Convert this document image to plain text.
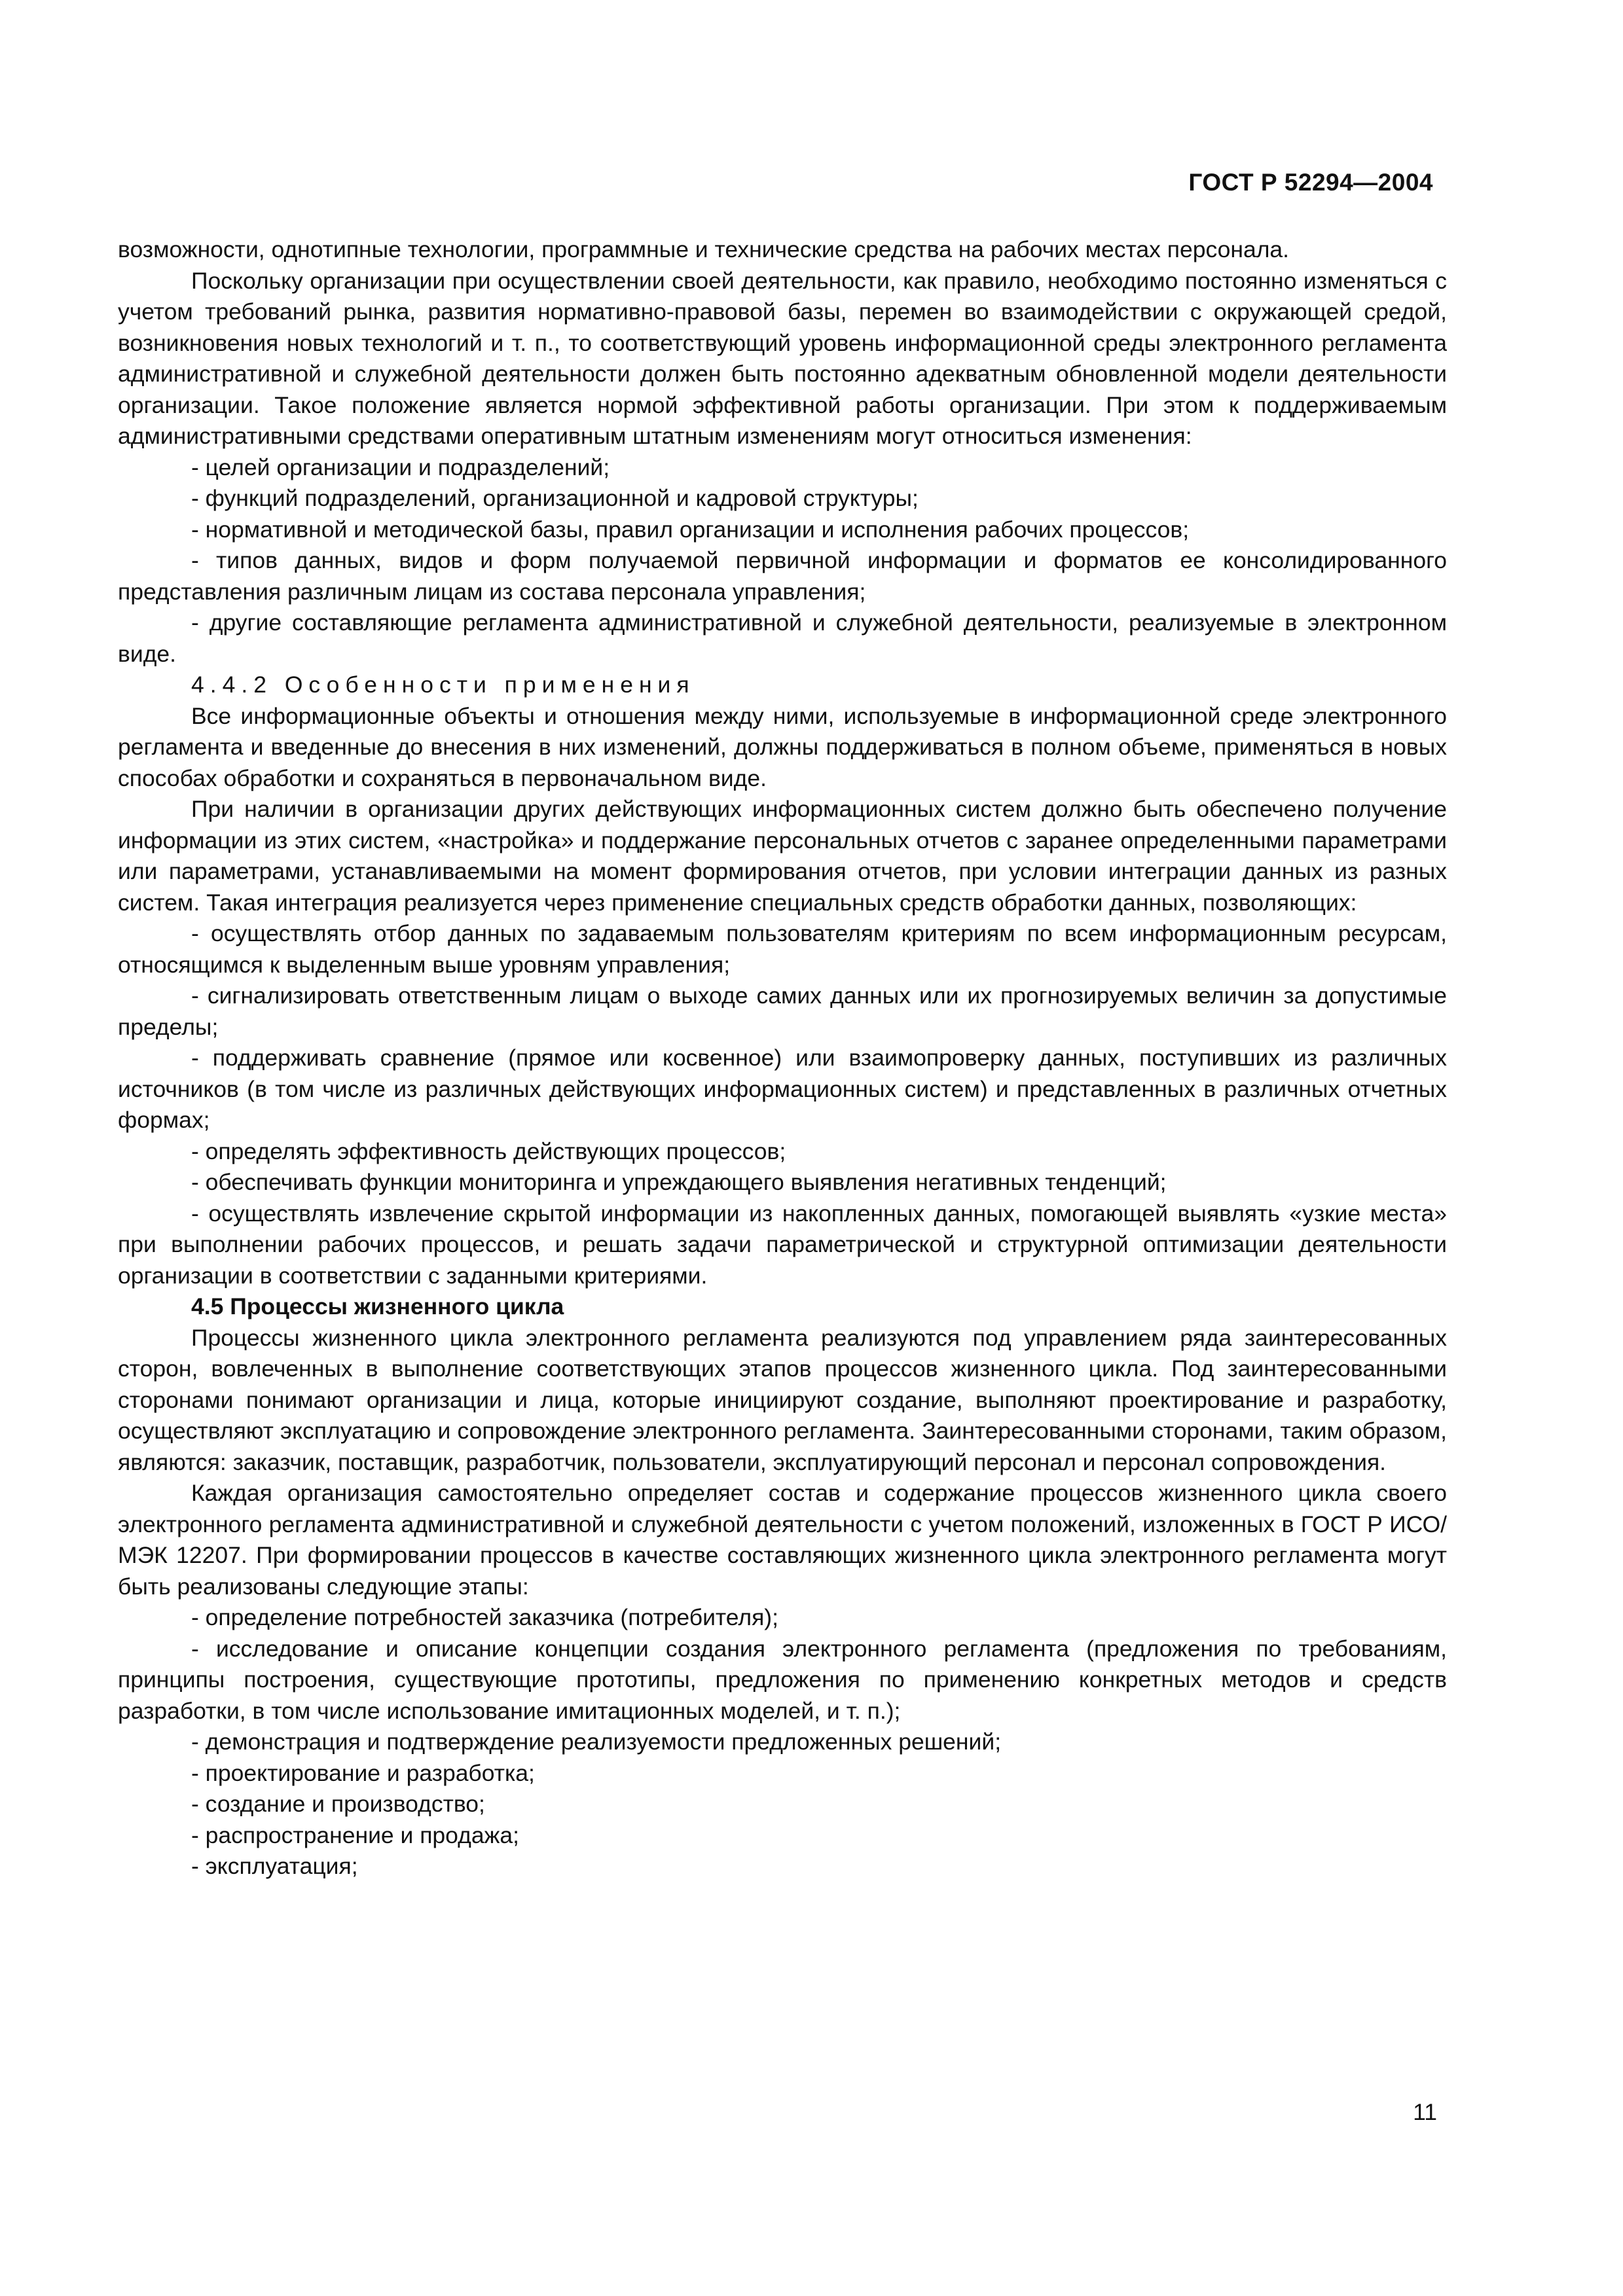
ГОСТ Р 52294—2004

возможности, однотипные технологии, программные и технические средства на рабочих местах персонала.

Поскольку организации при осуществлении своей деятельности, как правило, необходимо постоянно изменяться с учетом требований рынка, развития нормативно-правовой базы, перемен во взаимодействии с окружающей средой, возникновения новых технологий и т. п., то соответствующий уровень информационной среды электронного регламента административной и служебной деятельности должен быть постоянно адекватным обновленной модели деятельности организации. Такое положение является нормой эффективной работы организации. При этом к поддерживаемым административными средствами оперативным штатным изменениям могут относиться изменения:

- целей организации и подразделений;

- функций подразделений, организационной и кадровой структуры;

- нормативной и методической базы, правил организации и исполнения рабочих процессов;

- типов данных, видов и форм получаемой первичной информации и форматов ее консолидированного представления различным лицам из состава персонала управления;

- другие составляющие регламента административной и служебной деятельности, реализуемые в электронном виде.

4.4.2 Особенности применения

Все информационные объекты и отношения между ними, используемые в информационной среде электронного регламента и введенные до внесения в них изменений, должны поддерживаться в полном объеме, применяться в новых способах обработки и сохраняться в первоначальном виде.

При наличии в организации других действующих информационных систем должно быть обеспечено получение информации из этих систем, «настройка» и поддержание персональных отчетов с заранее определенными параметрами или параметрами, устанавливаемыми на момент формирования отчетов, при условии интеграции данных из разных систем. Такая интеграция реализуется через применение специальных средств обработки данных, позволяющих:

- осуществлять отбор данных по задаваемым пользователям критериям по всем информационным ресурсам, относящимся к выделенным выше уровням управления;

- сигнализировать ответственным лицам о выходе самих данных или их прогнозируемых величин за допустимые пределы;

- поддерживать сравнение (прямое или косвенное) или взаимопроверку данных, поступивших из различных источников (в том числе из различных действующих информационных систем) и представленных в различных отчетных формах;

- определять эффективность действующих процессов;

- обеспечивать функции мониторинга и упреждающего выявления негативных тенденций;

- осуществлять извлечение скрытой информации из накопленных данных, помогающей выявлять «узкие места» при выполнении рабочих процессов, и решать задачи параметрической и структурной оптимизации деятельности организации в соответствии с заданными критериями.

4.5 Процессы жизненного цикла

Процессы жизненного цикла электронного регламента реализуются под управлением ряда заинтересованных сторон, вовлеченных в выполнение соответствующих этапов процессов жизненного цикла. Под заинтересованными сторонами понимают организации и лица, которые инициируют создание, выполняют проектирование и разработку, осуществляют эксплуатацию и сопровождение электронного регламента. Заинтересованными сторонами, таким образом, являются: заказчик, поставщик, разработчик, пользователи, эксплуатирующий персонал и персонал сопровождения.

Каждая организация самостоятельно определяет состав и содержание процессов жизненного цикла своего электронного регламента административной и служебной деятельности с учетом положений, изложенных в ГОСТ Р ИСО/МЭК 12207. При формировании процессов в качестве составляющих жизненного цикла электронного регламента могут быть реализованы следующие этапы:

- определение потребностей заказчика (потребителя);

- исследование и описание концепции создания электронного регламента (предложения по требованиям, принципы построения, существующие прототипы, предложения по применению конкретных методов и средств разработки, в том числе использование имитационных моделей, и т. п.);

- демонстрация и подтверждение реализуемости предложенных решений;

- проектирование и разработка;

- создание и производство;

- распространение и продажа;

- эксплуатация;

11
